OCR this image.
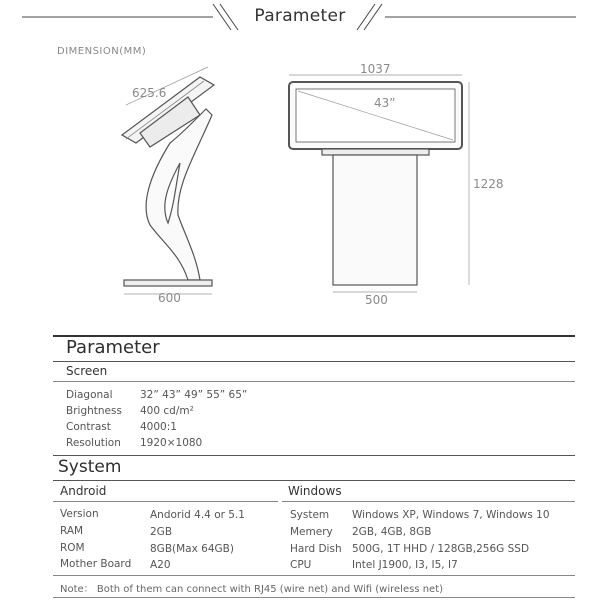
Parameter
DIMENSION(MM)
625.6
600
1037
43”
1228
500
Parameter
Screen
Diagonal	32” 43” 49” 55” 65”
Brightness 400 cd/m²
Contrast	4000:1
Resolution 1920×1080
System
Android	Windows
Version	Andorid 4.4 or 5.1
RAM	2GB
ROM	8GB(Max 64GB)
Mother Board A20
System Windows XP, Windows 7, Windows 10
Memery 2GB, 4GB, 8GB
Hard Dish 500G, 1T HHD / 128GB,256G SSD
CPU	Intel J1900, I3, I5, I7
Note： Both of them can connect with RJ45 (wire net) and Wifi (wireless net)
